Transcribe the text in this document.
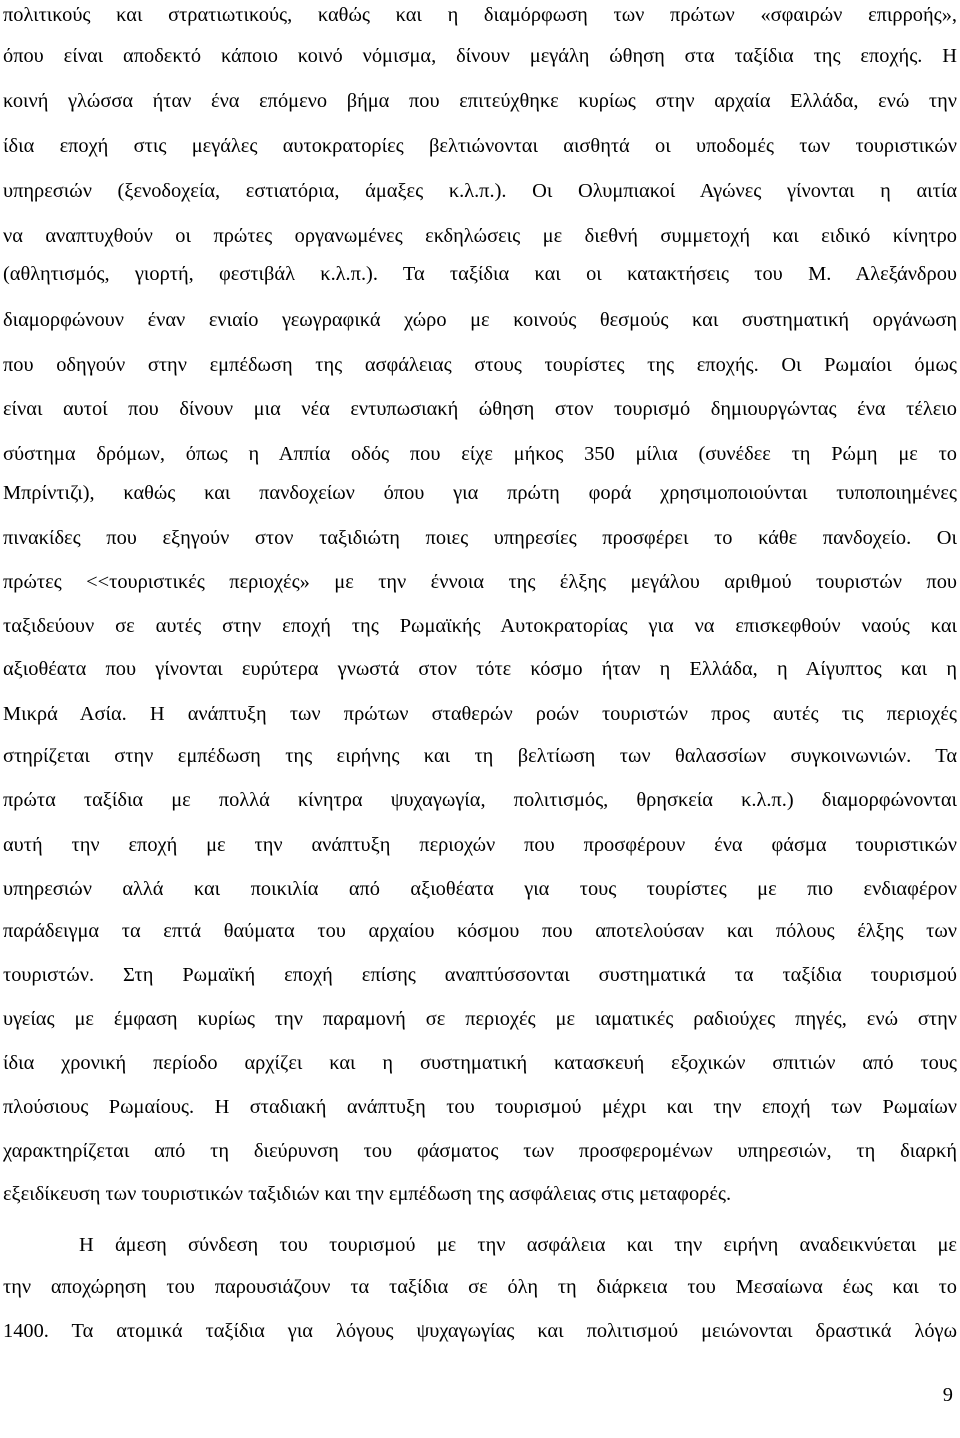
πολιτικούς και στρατιωτικούς, καθώς και η διαμόρφωση των πρώτων «σφαιρών επιρροής»,
όπου είναι αποδεκτό κάποιο κοινό νόμισμα, δίνουν μεγάλη ώθηση στα ταξίδια της εποχής. Η
κοινή γλώσσα ήταν ένα επόμενο βήμα που επιτεύχθηκε κυρίως στην αρχαία Ελλάδα, ενώ την
ίδια εποχή στις μεγάλες αυτοκρατορίες βελτιώνονται αισθητά οι υποδομές των τουριστικών
υπηρεσιών (ξενοδοχεία, εστιατόρια, άμαξες κ.λ.π.). Οι Ολυμπιακοί Αγώνες γίνονται η αιτία
να αναπτυχθούν οι πρώτες οργανωμένες εκδηλώσεις με διεθνή συμμετοχή και ειδικό κίνητρο
(αθλητισμός, γιορτή, φεστιβάλ κ.λ.π.). Τα ταξίδια και οι κατακτήσεις του Μ. Αλεξάνδρου
διαμορφώνουν έναν ενιαίο γεωγραφικά χώρο με κοινούς θεσμούς και συστηματική οργάνωση
που οδηγούν στην εμπέδωση της ασφάλειας στους τουρίστες της εποχής. Οι Ρωμαίοι όμως
είναι αυτοί που δίνουν μια νέα εντυπωσιακή ώθηση στον τουρισμό δημιουργώντας ένα τέλειο
σύστημα δρόμων, όπως η Αππία οδός που είχε μήκος 350 μίλια (συνέδεε τη Ρώμη με το
Μπρίντιζι), καθώς και πανδοχείων όπου για πρώτη φορά χρησιμοποιούνται τυποποιημένες
πινακίδες που εξηγούν στον ταξιδιώτη ποιες υπηρεσίες προσφέρει το κάθε πανδοχείο. Οι
πρώτες <<τουριστικές περιοχές» με την έννοια της έλξης μεγάλου αριθμού τουριστών που
ταξιδεύουν σε αυτές στην εποχή της Ρωμαϊκής Αυτοκρατορίας για να επισκεφθούν ναούς και
αξιοθέατα που γίνονται ευρύτερα γνωστά στον τότε κόσμο ήταν η Ελλάδα, η Αίγυπτος και η
Μικρά Ασία. Η ανάπτυξη των πρώτων σταθερών ροών τουριστών προς αυτές τις περιοχές
στηρίζεται στην εμπέδωση της ειρήνης και τη βελτίωση των θαλασσίων συγκοινωνιών. Τα
πρώτα ταξίδια με πολλά κίνητρα ψυχαγωγία, πολιτισμός, θρησκεία κ.λ.π.) διαμορφώνονται
αυτή την εποχή με την ανάπτυξη περιοχών που προσφέρουν ένα φάσμα τουριστικών
υπηρεσιών αλλά και ποικιλία από αξιοθέατα για τους τουρίστες με πιο ενδιαφέρον
παράδειγμα τα επτά θαύματα του αρχαίου κόσμου που αποτελούσαν και πόλους έλξης των
τουριστών. Στη Ρωμαϊκή εποχή επίσης αναπτύσσονται συστηματικά τα ταξίδια τουρισμού
υγείας με έμφαση κυρίως την παραμονή σε περιοχές με ιαματικές ραδιούχες πηγές, ενώ στην
ίδια χρονική περίοδο αρχίζει και η συστηματική κατασκευή εξοχικών σπιτιών από τους
πλούσιους Ρωμαίους. Η σταδιακή ανάπτυξη του τουρισμού μέχρι και την εποχή των Ρωμαίων
χαρακτηρίζεται από τη διεύρυνση του φάσματος των προσφερομένων υπηρεσιών, τη διαρκή
εξειδίκευση των τουριστικών ταξιδιών και την εμπέδωση της ασφάλειας στις μεταφορές.
Η άμεση σύνδεση του τουρισμού με την ασφάλεια και την ειρήνη αναδεικνύεται με
την αποχώρηση του παρουσιάζουν τα ταξίδια σε όλη τη διάρκεια του Μεσαίωνα έως και το
1400. Τα ατομικά ταξίδια για λόγους ψυχαγωγίας και πολιτισμού μειώνονται δραστικά λόγω
9
